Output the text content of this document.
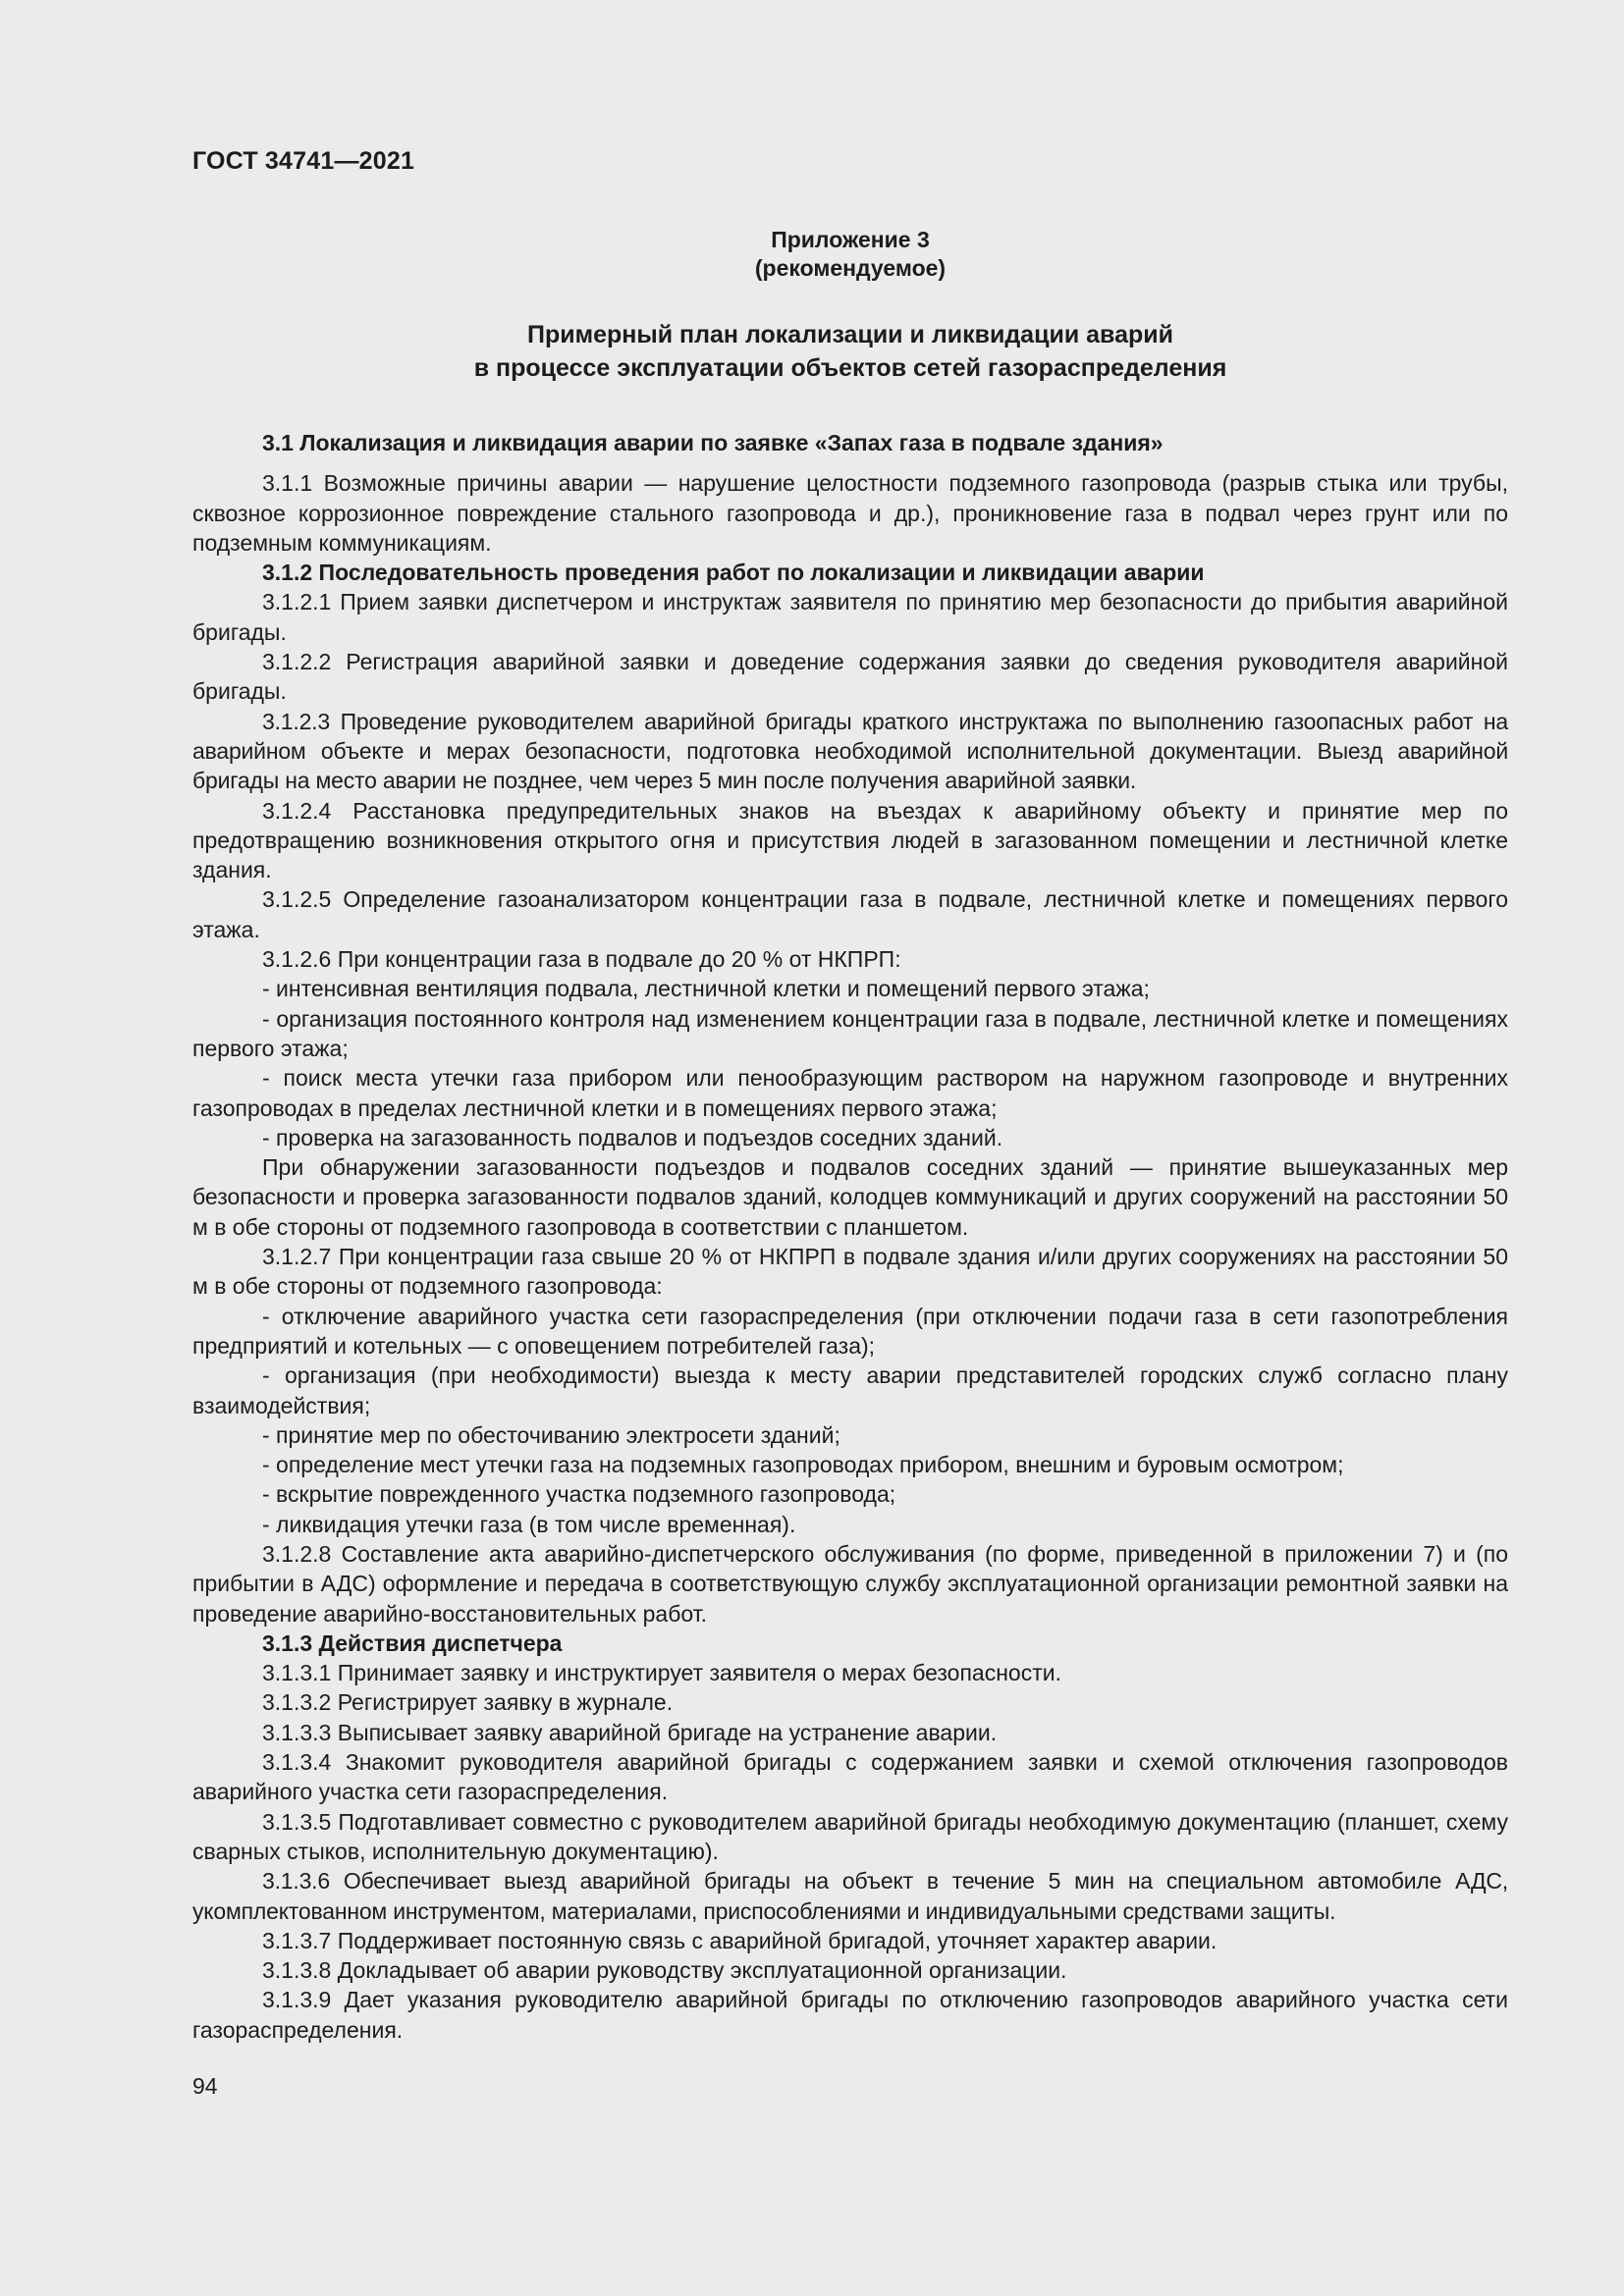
ГОСТ 34741—2021
Приложение 3
(рекомендуемое)
Примерный план локализации и ликвидации аварий
в процессе эксплуатации объектов сетей газораспределения

3.1 Локализация и ликвидация аварии по заявке «Запах газа в подвале здания»

3.1.1 Возможные причины аварии — нарушение целостности подземного газопровода (разрыв стыка или трубы, сквозное коррозионное повреждение стального газопровода и др.), проникновение газа в подвал через грунт или по подземным коммуникациям.

3.1.2 Последовательность проведения работ по локализации и ликвидации аварии

3.1.2.1 Прием заявки диспетчером и инструктаж заявителя по принятию мер безопасности до прибытия аварийной бригады.

3.1.2.2 Регистрация аварийной заявки и доведение содержания заявки до сведения руководителя аварийной бригады.

3.1.2.3 Проведение руководителем аварийной бригады краткого инструктажа по выполнению газоопасных работ на аварийном объекте и мерах безопасности, подготовка необходимой исполнительной документации. Выезд аварийной бригады на место аварии не позднее, чем через 5 мин после получения аварийной заявки.

3.1.2.4 Расстановка предупредительных знаков на въездах к аварийному объекту и принятие мер по предотвращению возникновения открытого огня и присутствия людей в загазованном помещении и лестничной клетке здания.

3.1.2.5 Определение газоанализатором концентрации газа в подвале, лестничной клетке и помещениях первого этажа.

3.1.2.6 При концентрации газа в подвале до 20 % от НКПРП:

- интенсивная вентиляция подвала, лестничной клетки и помещений первого этажа;

- организация постоянного контроля над изменением концентрации газа в подвале, лестничной клетке и помещениях первого этажа;

- поиск места утечки газа прибором или пенообразующим раствором на наружном газопроводе и внутренних газопроводах в пределах лестничной клетки и в помещениях первого этажа;

- проверка на загазованность подвалов и подъездов соседних зданий.

При обнаружении загазованности подъездов и подвалов соседних зданий — принятие вышеуказанных мер безопасности и проверка загазованности подвалов зданий, колодцев коммуникаций и других сооружений на расстоянии 50 м в обе стороны от подземного газопровода в соответствии с планшетом.

3.1.2.7 При концентрации газа свыше 20 % от НКПРП в подвале здания и/или других сооружениях на расстоянии 50 м в обе стороны от подземного газопровода:

- отключение аварийного участка сети газораспределения (при отключении подачи газа в сети газопотребления предприятий и котельных — с оповещением потребителей газа);

- организация (при необходимости) выезда к месту аварии представителей городских служб согласно плану взаимодействия;

- принятие мер по обесточиванию электросети зданий;

- определение мест утечки газа на подземных газопроводах прибором, внешним и буровым осмотром;

- вскрытие поврежденного участка подземного газопровода;

- ликвидация утечки газа (в том числе временная).

3.1.2.8 Составление акта аварийно-диспетчерского обслуживания (по форме, приведенной в приложении 7) и (по прибытии в АДС) оформление и передача в соответствующую службу эксплуатационной организации ремонтной заявки на проведение аварийно-восстановительных работ.

3.1.3 Действия диспетчера

3.1.3.1 Принимает заявку и инструктирует заявителя о мерах безопасности.

3.1.3.2 Регистрирует заявку в журнале.

3.1.3.3 Выписывает заявку аварийной бригаде на устранение аварии.

3.1.3.4 Знакомит руководителя аварийной бригады с содержанием заявки и схемой отключения газопроводов аварийного участка сети газораспределения.

3.1.3.5 Подготавливает совместно с руководителем аварийной бригады необходимую документацию (планшет, схему сварных стыков, исполнительную документацию).

3.1.3.6 Обеспечивает выезд аварийной бригады на объект в течение 5 мин на специальном автомобиле АДС, укомплектованном инструментом, материалами, приспособлениями и индивидуальными средствами защиты.

3.1.3.7 Поддерживает постоянную связь с аварийной бригадой, уточняет характер аварии.

3.1.3.8 Докладывает об аварии руководству эксплуатационной организации.

3.1.3.9 Дает указания руководителю аварийной бригады по отключению газопроводов аварийного участка сети газораспределения.

94
